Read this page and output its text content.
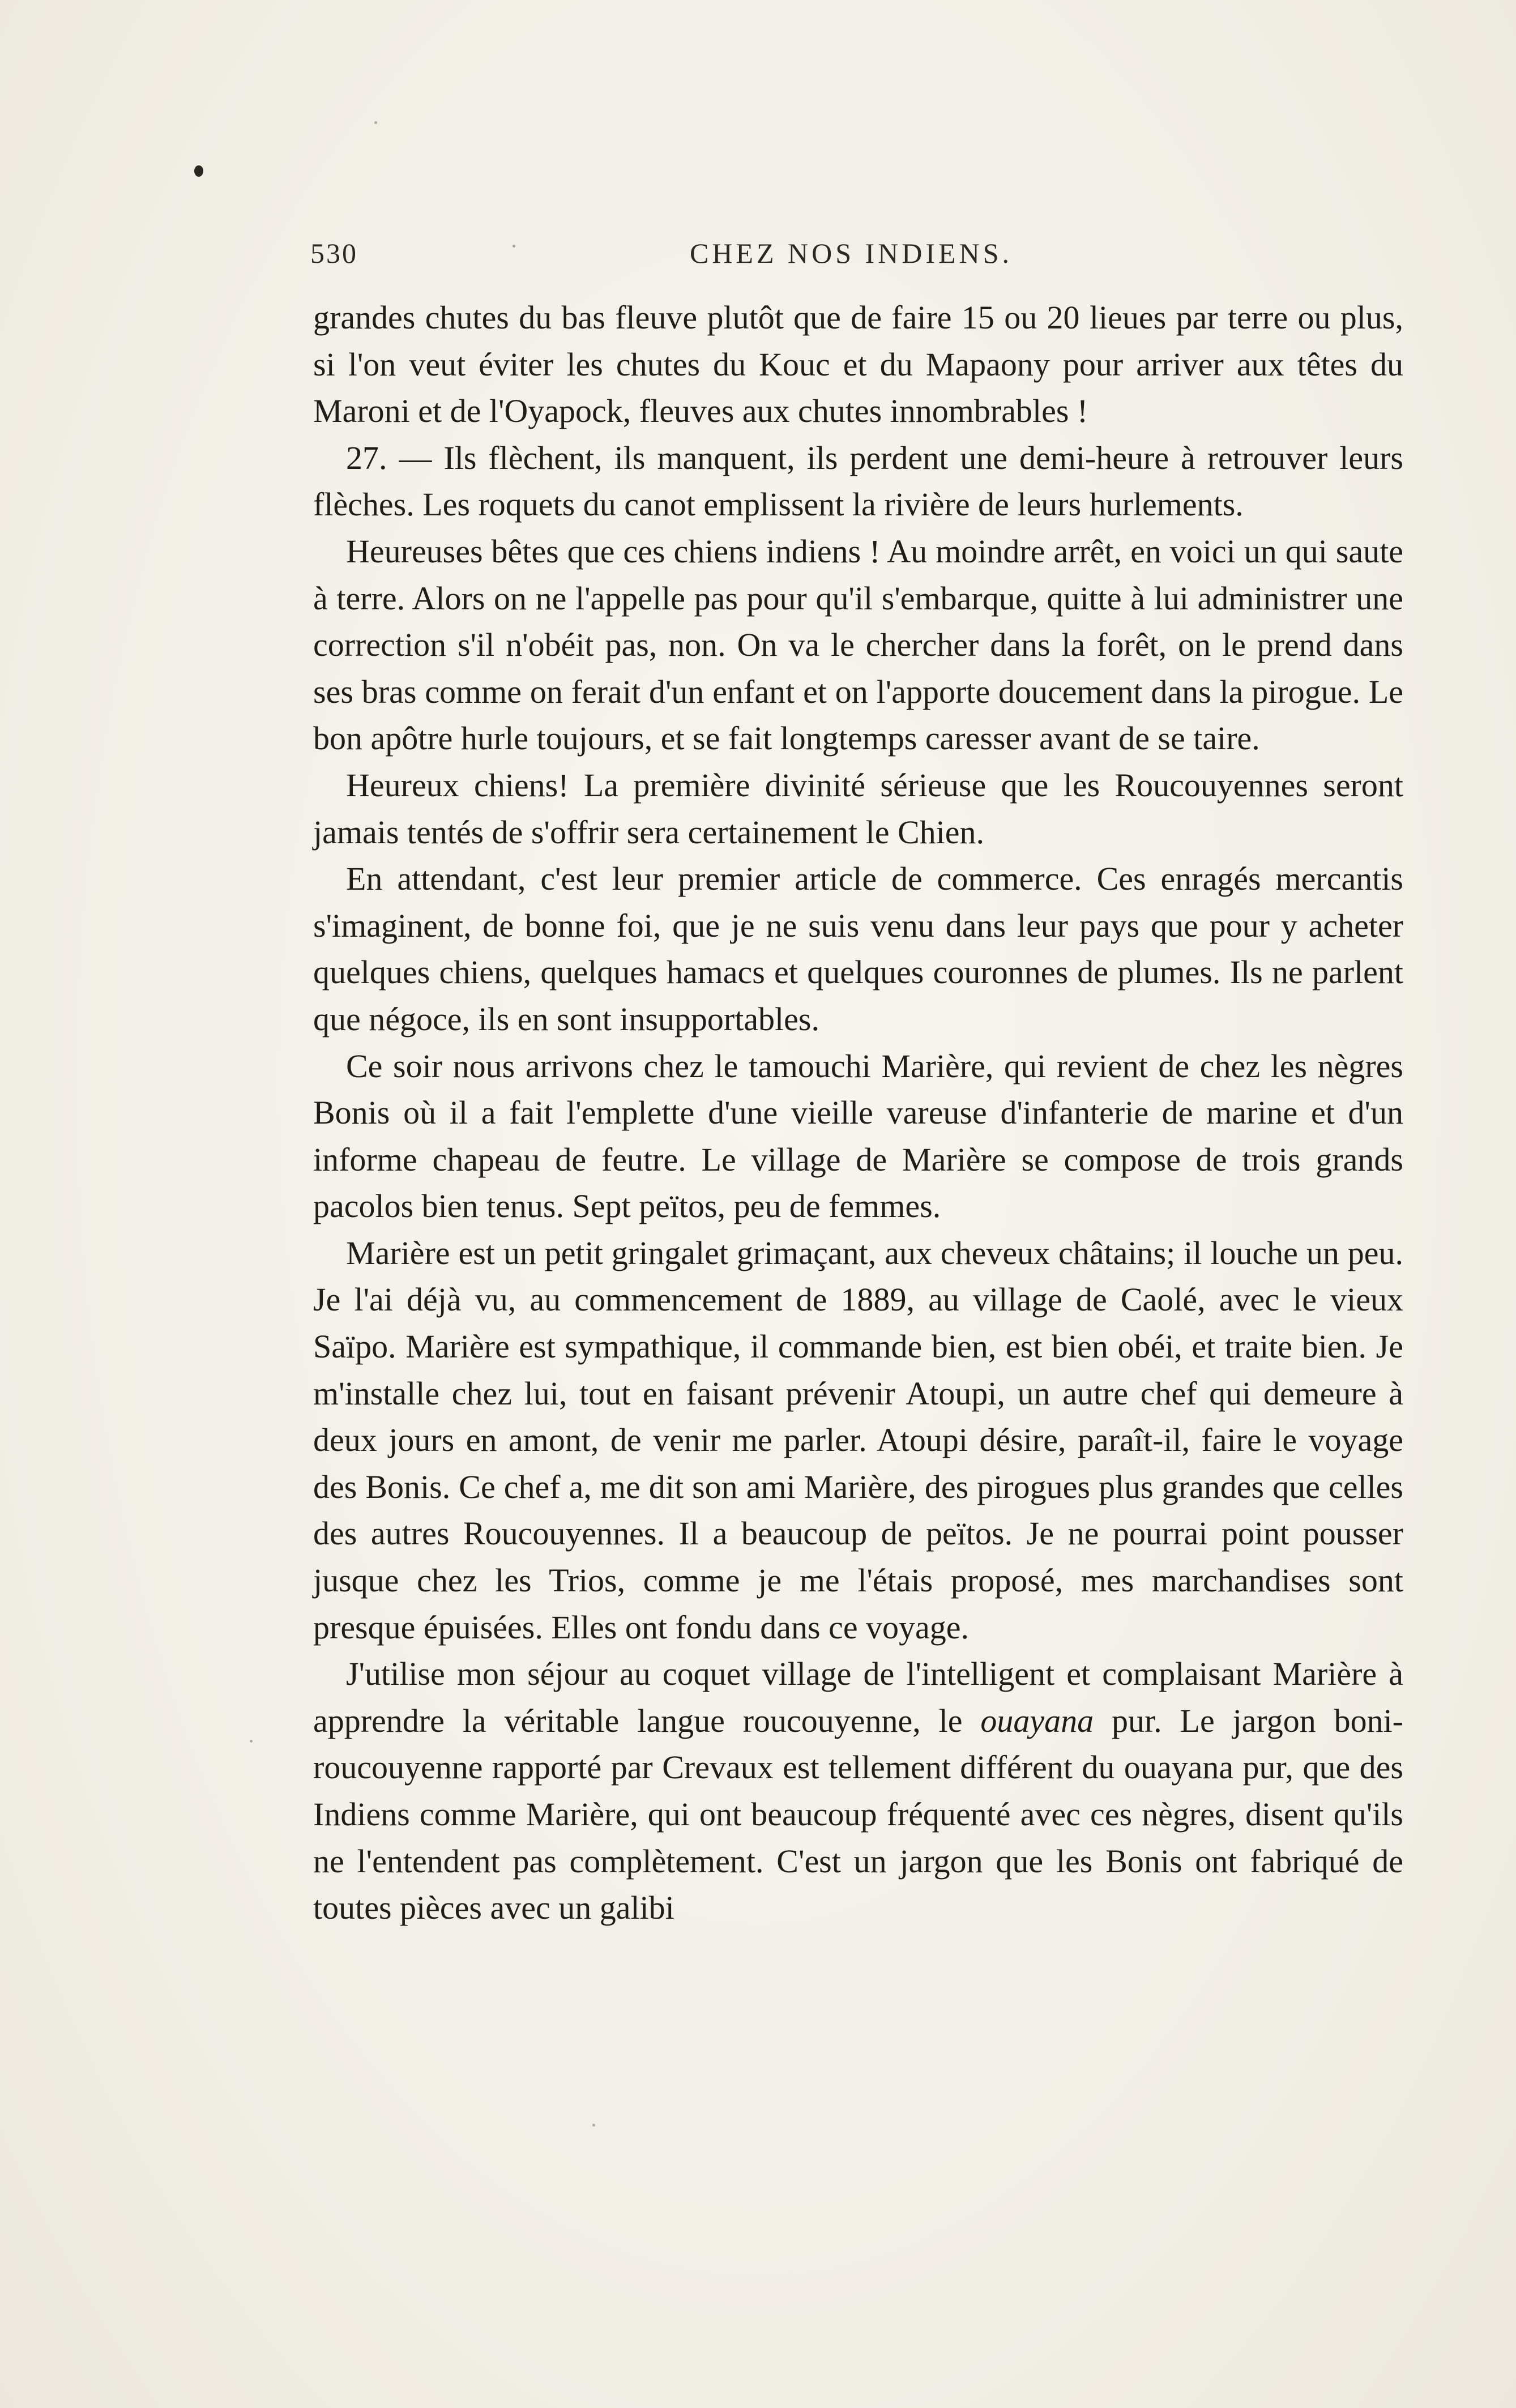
530	CHEZ NOS INDIENS.

grandes chutes du bas fleuve plutôt que de faire 15 ou 20 lieues par terre ou plus, si l'on veut éviter les chutes du Kouc et du Mapaony pour arriver aux têtes du Maroni et de l'Oyapock, fleuves aux chutes innombrables !

27. — Ils flèchent, ils manquent, ils perdent une demi-heure à retrouver leurs flèches. Les roquets du canot emplissent la rivière de leurs hurlements.

Heureuses bêtes que ces chiens indiens ! Au moindre arrêt, en voici un qui saute à terre. Alors on ne l'appelle pas pour qu'il s'embarque, quitte à lui administrer une correction s'il n'obéit pas, non. On va le chercher dans la forêt, on le prend dans ses bras comme on ferait d'un enfant et on l'apporte doucement dans la pirogue. Le bon apôtre hurle toujours, et se fait longtemps caresser avant de se taire.

Heureux chiens! La première divinité sérieuse que les Roucouyennes seront jamais tentés de s'offrir sera certainement le Chien.

En attendant, c'est leur premier article de commerce. Ces enragés mercantis s'imaginent, de bonne foi, que je ne suis venu dans leur pays que pour y acheter quelques chiens, quelques hamacs et quelques couronnes de plumes. Ils ne parlent que négoce, ils en sont insupportables.

Ce soir nous arrivons chez le tamouchi Marière, qui revient de chez les nègres Bonis où il a fait l'emplette d'une vieille vareuse d'infanterie de marine et d'un informe chapeau de feutre. Le village de Marière se compose de trois grands pacolos bien tenus. Sept peïtos, peu de femmes.

Marière est un petit gringalet grimaçant, aux cheveux châtains; il louche un peu. Je l'ai déjà vu, au commencement de 1889, au village de Caolé, avec le vieux Saïpo. Marière est sympathique, il commande bien, est bien obéi, et traite bien. Je m'installe chez lui, tout en faisant prévenir Atoupi, un autre chef qui demeure à deux jours en amont, de venir me parler. Atoupi désire, paraît-il, faire le voyage des Bonis. Ce chef a, me dit son ami Marière, des pirogues plus grandes que celles des autres Roucouyennes. Il a beaucoup de peïtos. Je ne pourrai point pousser jusque chez les Trios, comme je me l'étais proposé, mes marchandises sont presque épuisées. Elles ont fondu dans ce voyage.

J'utilise mon séjour au coquet village de l'intelligent et complaisant Marière à apprendre la véritable langue roucouyenne, le ouayana pur. Le jargon boni-roucouyenne rapporté par Crevaux est tellement différent du ouayana pur, que des Indiens comme Marière, qui ont beaucoup fréquenté avec ces nègres, disent qu'ils ne l'entendent pas complètement. C'est un jargon que les Bonis ont fabriqué de toutes pièces avec un galibi
